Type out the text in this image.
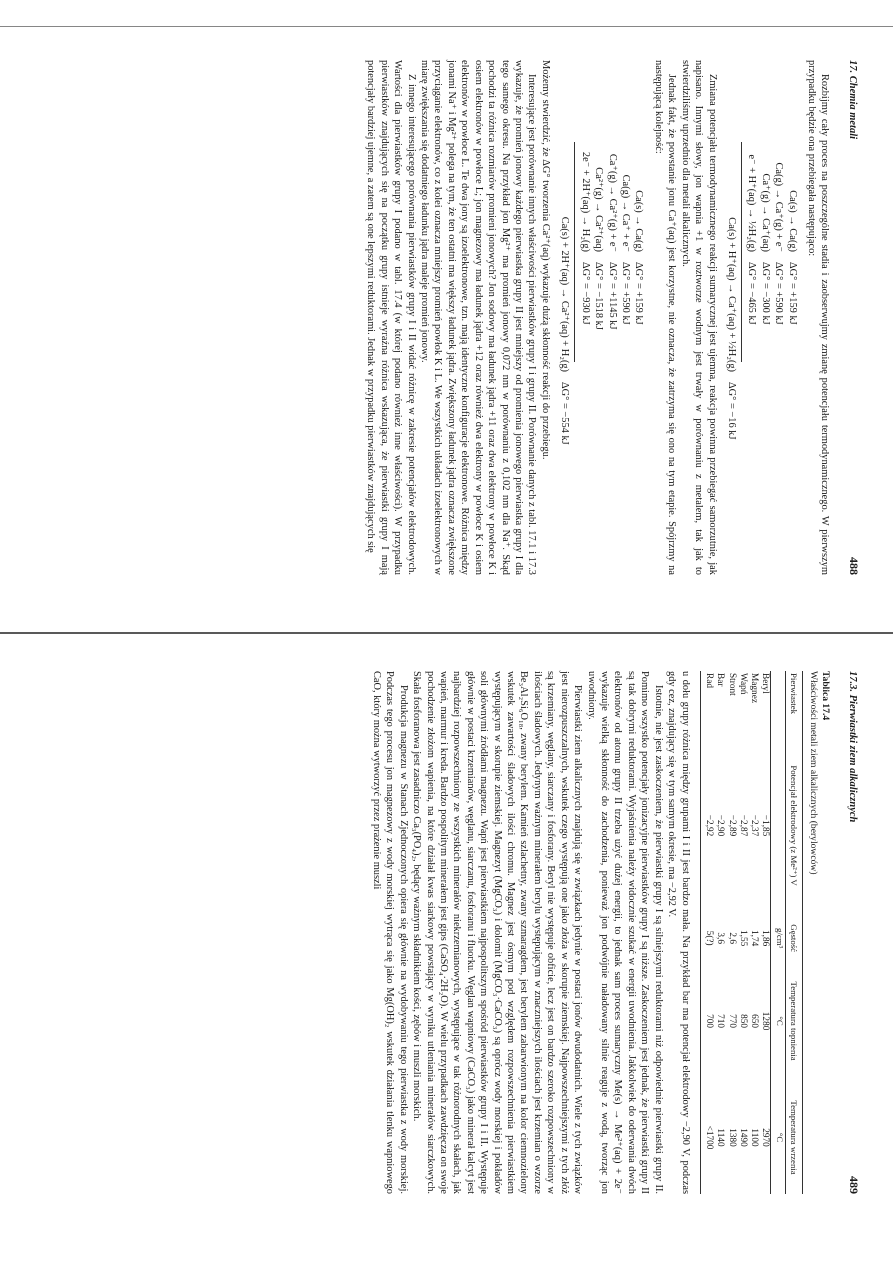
17. Chemia metali
488

Rozbijmy cały proces na poszczególne stadia i zaobserwujmy zmianę potencjału termodynamicznego. W pierwszym przypadku będzie ona przebiegała następująco:

Ca(s) → Ca(g)
ΔG° = +159 kJ
Ca(g) → Ca⁺(g) + e⁻
ΔG° = +590 kJ
Ca⁺(g) → Ca⁺(aq)
ΔG° = −300 kJ
e⁻ + H⁺(aq) → ½H₂(g)
ΔG° = −465 kJ
Ca(s) + H⁺(aq) → Ca⁺(aq) + ½H₂(g)
ΔG° = −16 kJ

Zmiana potencjału termodynamicznego reakcji sumarycznej jest ujemna, reakcja powinna przebiegać samorzutnie, jak napisano. Innymi słowy, jon wapnia +1 w roztworze wodnym jest trwały w porównaniu z metalem, tak jak to stwierdziliśmy uprzednio dla metali alkalicznych.

Jednak fakt, że powstanie jonu Ca⁺(aq) jest korzystne, nie oznacza, że zatrzyma się ono na tym etapie. Spójrzmy na następującą kolejność:

Ca(s) → Ca(g)
ΔG° = +159 kJ
Ca(g) → Ca⁺ + e⁻
ΔG° = +590 kJ
Ca⁺(g) → Ca²⁺(g) + e⁻
ΔG° = +1145 kJ
Ca²⁺(g) → Ca²⁺(aq)
ΔG° = −1518 kJ
2e⁻ + 2H⁺(aq) → H₂(g)
ΔG° = −930 kJ
Ca(s) + 2H⁺(aq) → Ca²⁺(aq) + H₂(g)
ΔG° = −554 kJ

Możemy stwierdzić, że ΔG° tworzenia Ca²⁺(aq) wykazuje dużą skłonność reakcji do przebiegu.

Interesujące jest porównanie innych właściwości pierwiastków grupy I i grupy II. Porównanie danych z tabl. 17.1 i 17.3 wykazuje, że promień jonowy każdego pierwiastka grupy II jest mniejszy od promienia jonowego pierwiastka grupy I dla tego samego okresu. Na przykład jon Mg²⁺ ma promień jonowy 0,072 nm w porównaniu z 0,102 nm dla Na⁺. Skąd pochodzi ta różnica rozmiarów promieni jonowych? Jon sodowy ma ładunek jądra +11 oraz dwa elektrony w powłoce K i osiem elektronów w powłoce L; jon magnezowy ma ładunek jądra +12 oraz również dwa elektrony w powłoce K i osiem elektronów w powłoce L. Te dwa jony są izoelektronowe, tzn. mają identyczne konfiguracje elektronowe. Różnica między jonami Na⁺ i Mg²⁺ polega na tym, że ten ostatni ma większy ładunek jądra. Zwiększony ładunek jądra oznacza zwiększone przyciąganie elektronów, co z kolei oznacza mniejszy promień powłok K i L. We wszystkich układach izoelektronowych w miarę zwiększania się dodatniego ładunku jądra maleje promień jonowy.

Z innego interesującego porównania pierwiastków grupy I i II widać różnicę w zakresie potencjałów elektrodowych. Wartości dla pierwiastków grupy I podano w tabl. 17.4 (w której podano również inne właściwości). W przypadku pierwiastków znajdujących się na początku grupy istnieje wyraźna różnica wskazująca, że pierwiastki grupy I mają potencjały bardziej ujemne, a zatem są one lepszymi reduktorami. Jednak w przypadku pierwiastków znajdujących się

17.3. Pierwiastki ziem alkalicznych
489
Tablica 17.4
Właściwości metali ziem alkalicznych (berylowców)
Pierwiastek	Potencjał elektrodowy (z Me²⁺) V	Gęstość	Temperatura topnienia	Temperatura wrzenia
		g/cm³	°C	°C
Beryl	−1,85	1,86	1280	2970
Magnez	−2,37	1,74	650	1100
Wapń	−2,87	1,55	850	1490
Stront	−2,89	2,6	770	1380
Bar	−2,90	3,6	710	1140
Rad	−2,92	5(?)	700	<1700

u dołu grupy różnica między grupami I i II jest bardzo mała. Na przykład bar ma potencjał elektrodowy −2,90 V, podczas gdy cez, znajdujący się w tym samym okresie, ma −2,92 V.

Istotnie, nie jest zaskoczeniem, że pierwiastki grupy I są silniejszymi reduktorami niż odpowiednie pierwiastki grupy II. Pomimo wszystko potencjały jonizacyjne pierwiastków grupy I są niższe. Zaskoczeniem jest jednak, że pierwiastki grupy II są tak dobrymi reduktorami. Wyjaśnienia należy widocznie szukać w energii uwodnienia. Jakkolwiek do oderwania dwóch elektronów od atomu grupy II trzeba użyć dużej energii, to jednak sam proces sumaryczny Me(s) → Me²⁺(aq) + 2e⁻ wykazuje wielką skłonność do zachodzenia, ponieważ jon podwójnie naładowany silnie reaguje z wodą, tworząc jon uwodniony.

Pierwiastki ziem alkalicznych znajdują się w związkach jedynie w postaci jonów dwudodatnich. Wiele z tych związków jest nierozpuszczalnych, wskutek czego występują one jako złoża w skorupie ziemskiej. Najpowszechniejszymi z tych złóż są krzemiany, węglany, siarczany i fosforany. Beryl nie występuje obficie, lecz jest on bardzo szeroko rozpowszechniony w ilościach śladowych. Jedynym ważnym minerałem berylu występującym w znaczniejszych ilościach jest krzemian o wzorze Be₃Al₂Si₆O₁₈, zwany berylem. Kamień szlachetny, zwany szmaragdem, jest berylem zabarwionym na kolor ciemnozielony wskutek zawartości śladowych ilości chromu. Magnez jest ósmym pod względem rozpowszechnienia pierwiastkiem występującym w skorupie ziemskiej. Magnezyt (MgCO₃) i dolomit (MgCO₃·CaCO₃) są oprócz wody morskiej i pokładów soli głównymi źródłami magnezu. Wapń jest pierwiastkiem najpospolitszym spośród pierwiastków grupy I i II. Występuje głównie w postaci krzemianów, węglanu, siarczanu, fosforanu i fluorku. Węglan wapniowy (CaCO₃) jako minerał kalcyt jest najbardziej rozpowszechniony ze wszystkich minerałów niekrzemianowych, występujące w tak różnorodnych skałach, jak wapień, marmur i kreda. Bardzo pospolitym minerałem jest gips (CaSO₄·2H₂O). W wielu przypadkach zawdzięcza on swoje pochodzenie złożom wapienia, na które działał kwas siarkowy powstający w wyniku utleniania minerałów siarczkowych. Skała fosforanowa jest zasadniczo Ca₃(PO₄)₂, będący ważnym składnikiem kości, zębów i muszli morskich.

Produkcja magnezu w Stanach Zjednoczonych opiera się głównie na wydobywaniu tego pierwiastka z wody morskiej. Podczas tego procesu jon magnezowy z wody morskiej wytrąca się jako Mg(OH)₂ wskutek działania tlenku wapniowego CaO, który można wytworzyć przez prażenie muszli
